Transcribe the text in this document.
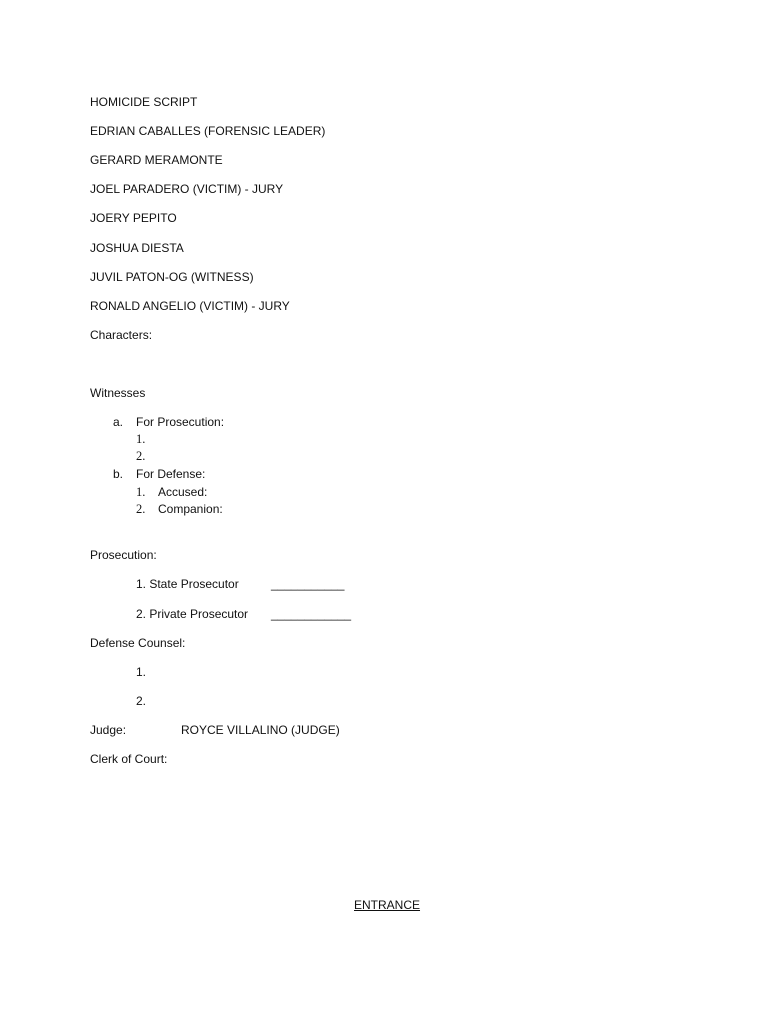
HOMICIDE SCRIPT
EDRIAN CABALLES (FORENSIC LEADER)
GERARD MERAMONTE
JOEL PARADERO (VICTIM) - JURY
JOERY PEPITO
JOSHUA DIESTA
JUVIL PATON-OG (WITNESS)
RONALD ANGELIO (VICTIM) - JURY
Characters:
Witnesses
a. For Prosecution:
1.
2.
b. For Defense:
1. Accused:
2. Companion:
Prosecution:
1. State Prosecutor	___________
2. Private Prosecutor ____________
Defense Counsel:
1.
2.
Judge:	ROYCE VILLALINO (JUDGE)
Clerk of Court:
ENTRANCE
